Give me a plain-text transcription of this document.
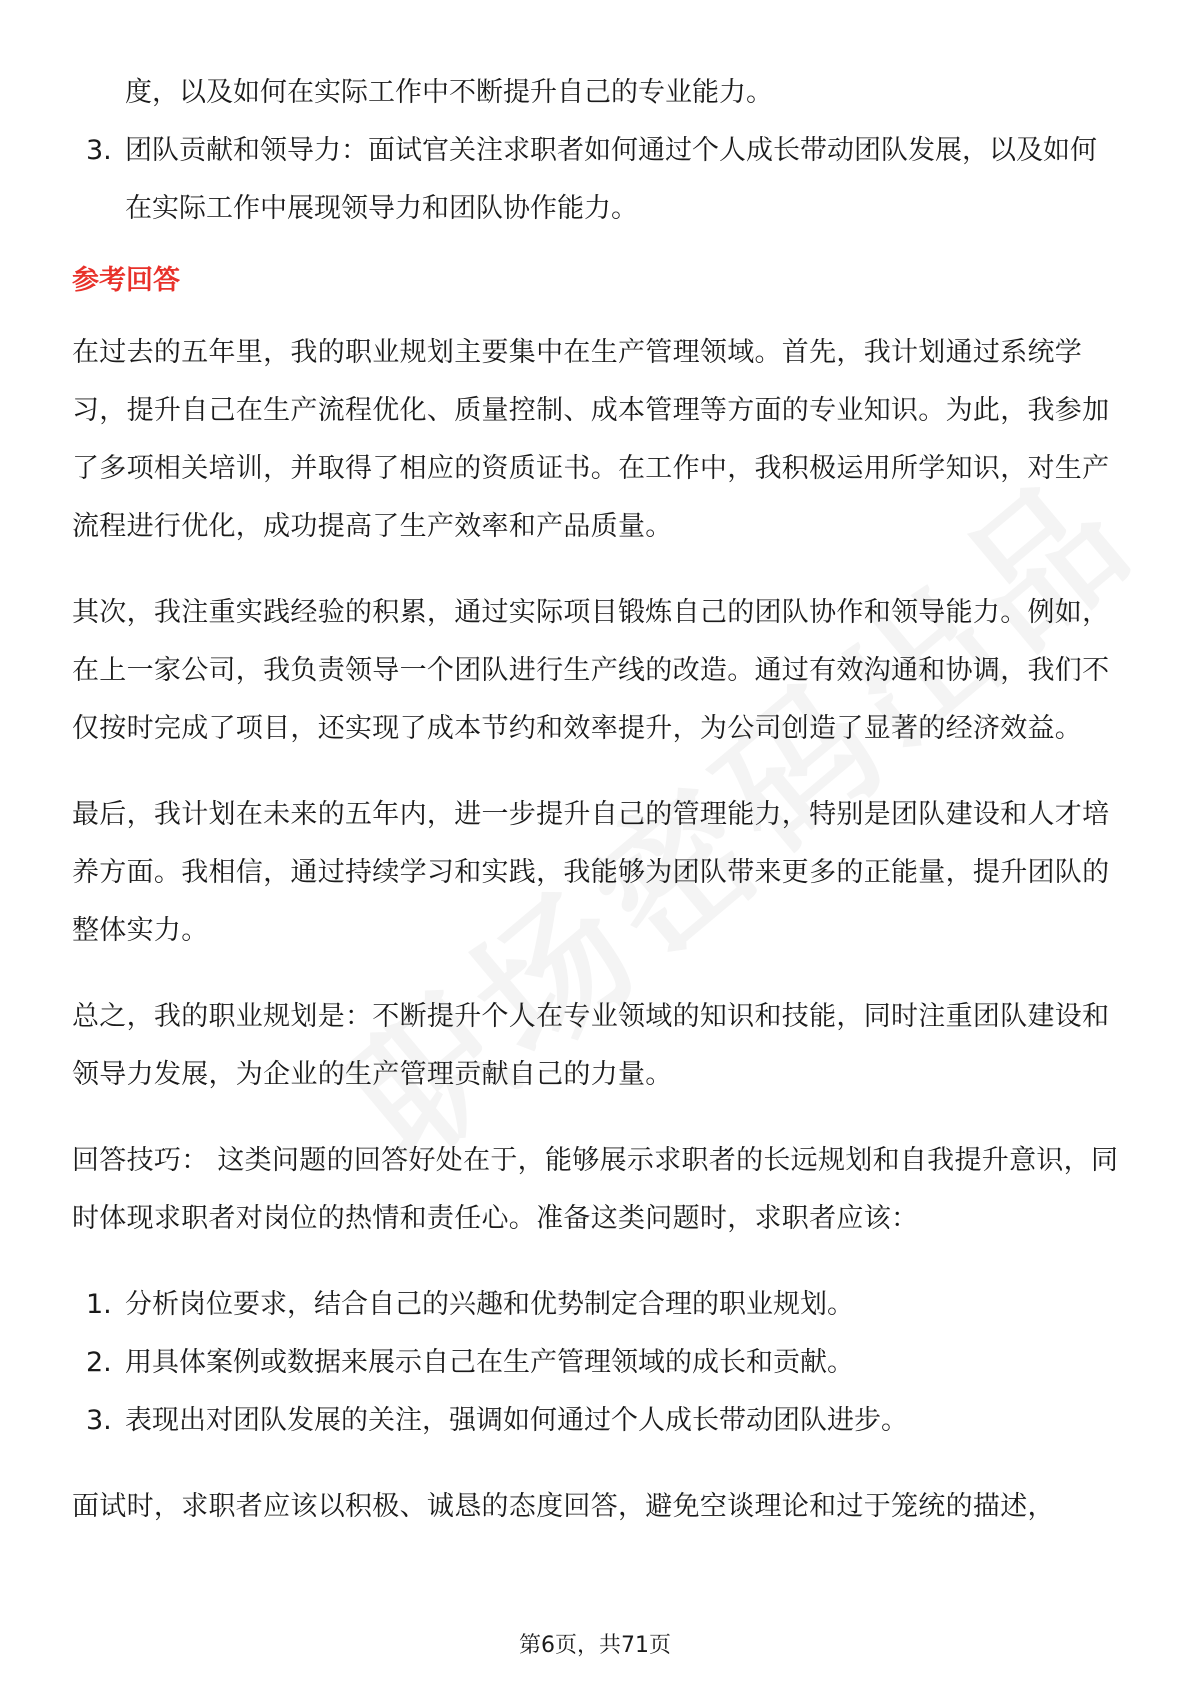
度，以及如何在实际工作中不断提升自己的专业能力。

3. 团队贡献和领导力：面试官关注求职者如何通过个人成长带动团队发展，以及如何在实际工作中展现领导力和团队协作能力。

参考回答

在过去的五年里，我的职业规划主要集中在生产管理领域。首先，我计划通过系统学习，提升自己在生产流程优化、质量控制、成本管理等方面的专业知识。为此，我参加了多项相关培训，并取得了相应的资质证书。在工作中，我积极运用所学知识，对生产流程进行优化，成功提高了生产效率和产品质量。

其次，我注重实践经验的积累，通过实际项目锻炼自己的团队协作和领导能力。例如，在上一家公司，我负责领导一个团队进行生产线的改造。通过有效沟通和协调，我们不仅按时完成了项目，还实现了成本节约和效率提升，为公司创造了显著的经济效益。

最后，我计划在未来的五年内，进一步提升自己的管理能力，特别是团队建设和人才培养方面。我相信，通过持续学习和实践，我能够为团队带来更多的正能量，提升团队的整体实力。

总之，我的职业规划是：不断提升个人在专业领域的知识和技能，同时注重团队建设和领导力发展，为企业的生产管理贡献自己的力量。

回答技巧： 这类问题的回答好处在于，能够展示求职者的长远规划和自我提升意识，同时体现求职者对岗位的热情和责任心。准备这类问题时，求职者应该：

1. 分析岗位要求，结合自己的兴趣和优势制定合理的职业规划。
2. 用具体案例或数据来展示自己在生产管理领域的成长和贡献。
3. 表现出对团队发展的关注，强调如何通过个人成长带动团队进步。

面试时，求职者应该以积极、诚恳的态度回答，避免空谈理论和过于笼统的描述，

第6页，共71页
